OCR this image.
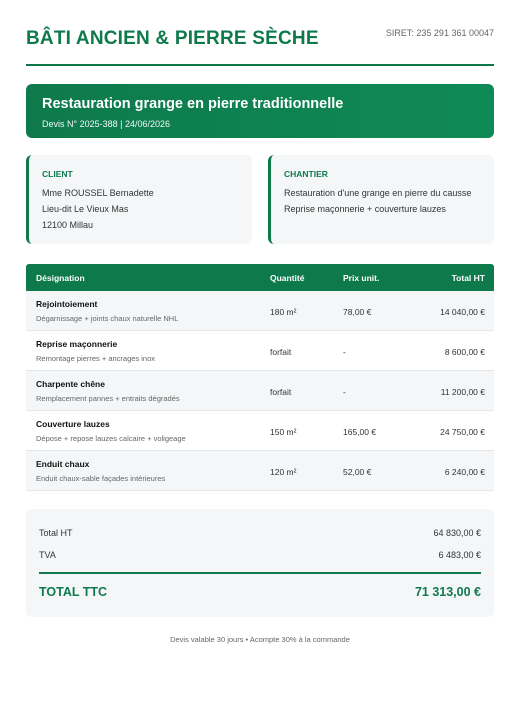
BÂTI ANCIEN & PIERRE SÈCHE	SIRET: 235 291 361 00047
Restauration grange en pierre traditionnelle
Devis N° 2025-388 | 24/06/2026
CLIENT
Mme ROUSSEL Bernadette
Lieu-dit Le Vieux Mas
12100 Millau
CHANTIER
Restauration d'une grange en pierre du causse
Reprise maçonnerie + couverture lauzes
Désignation	Quantité	Prix unit.	Total HT
Rejointoiement
Dégarnissage + joints chaux naturelle NHL
180 m²	78,00 €	14 040,00 €
Reprise maçonnerie
Remontage pierres + ancrages inox
forfait	-	8 600,00 €
Charpente chêne
Remplacement pannes + entraits dégradés
forfait	-	11 200,00 €
Couverture lauzes
Dépose + repose lauzes calcaire + voligeage
150 m²	165,00 €	24 750,00 €
Enduit chaux
Enduit chaux-sable façades intérieures
120 m²	52,00 €	6 240,00 €
Total HT	64 830,00 €
TVA	6 483,00 €
TOTAL TTC	71 313,00 €
Devis valable 30 jours • Acompte 30% à la commande
